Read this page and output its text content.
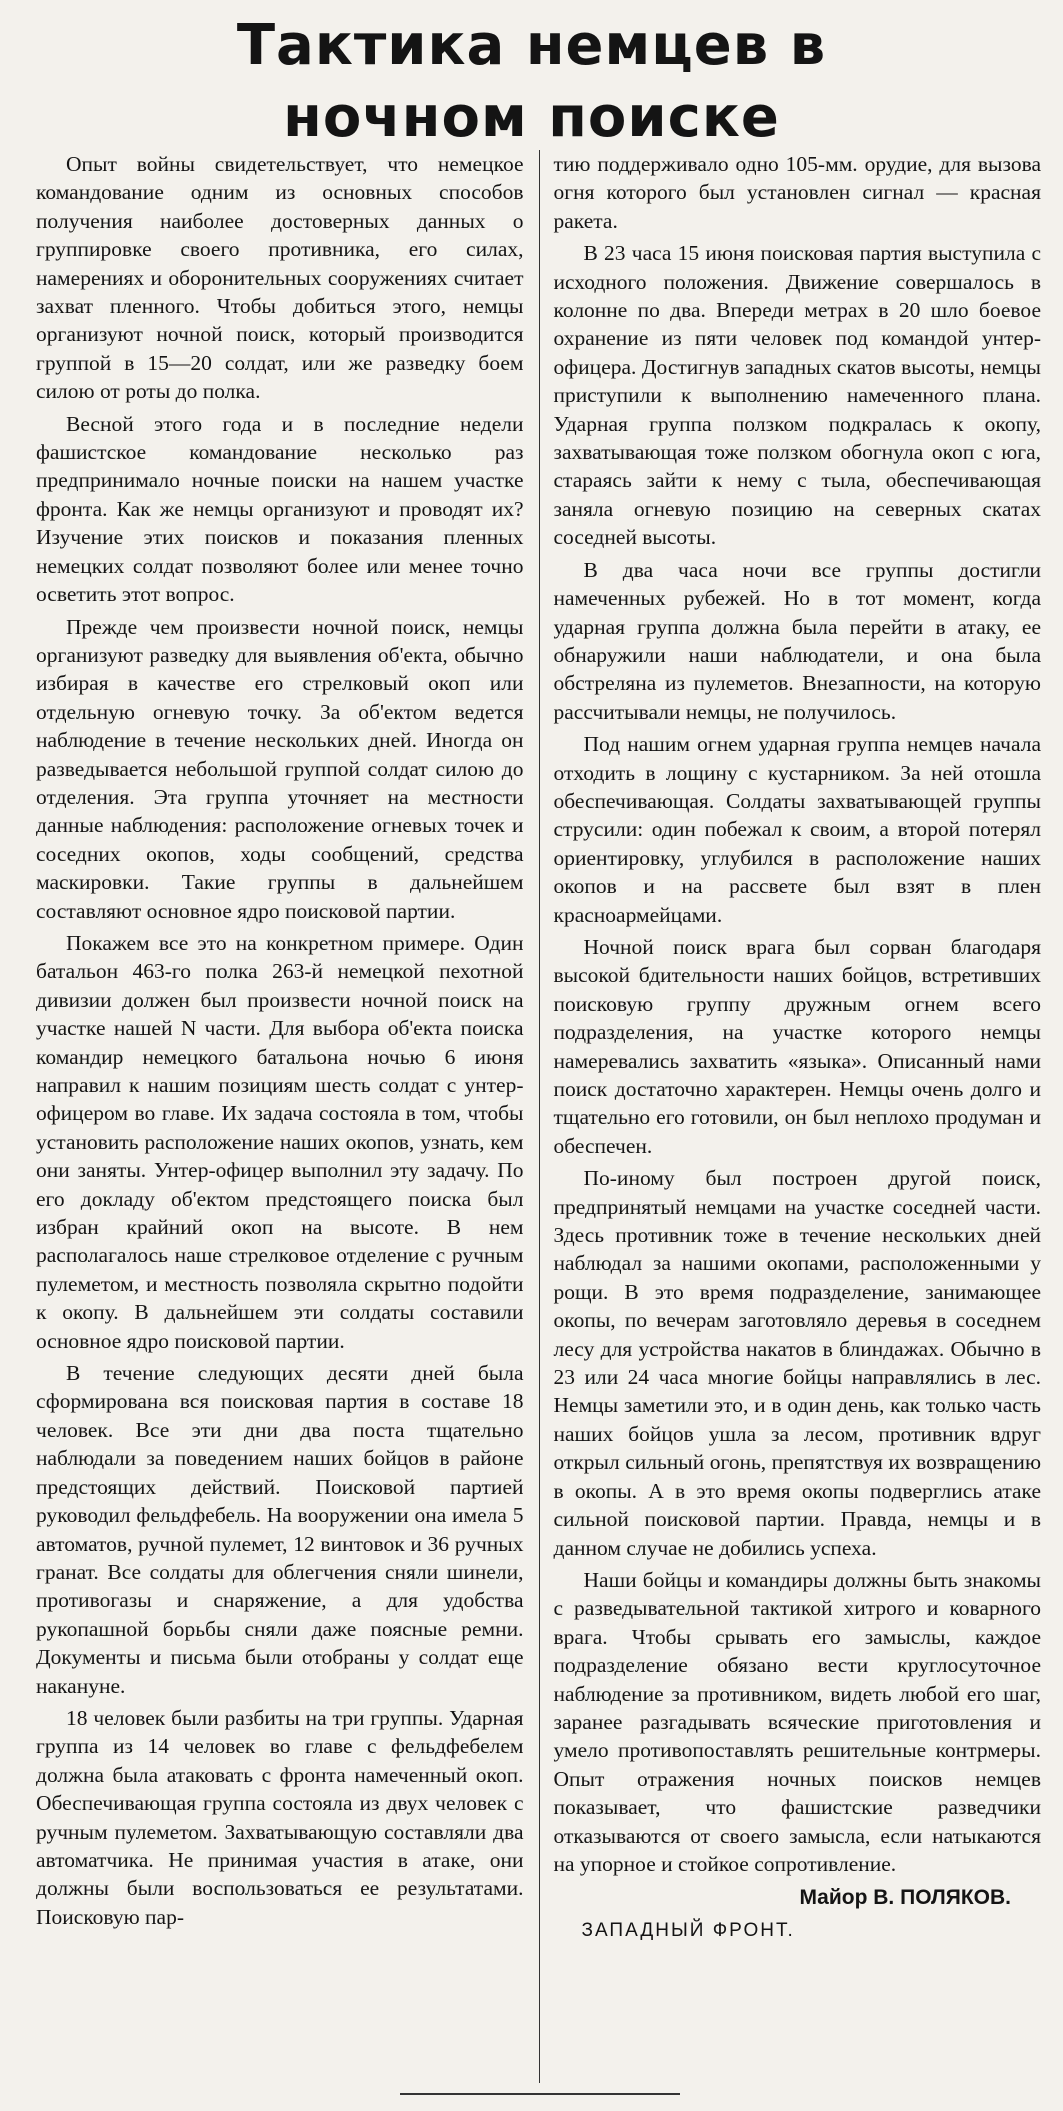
Тактика немцев в
ночном поиске

Опыт войны свидетельствует, что немецкое командование одним из основных способов получения наиболее достоверных данных о группировке своего противника, его силах, намерениях и оборонительных сооружениях считает захват пленного. Чтобы добиться этого, немцы организуют ночной поиск, который производится группой в 15—20 солдат, или же разведку боем силою от роты до полка.

Весной этого года и в последние недели фашистское командование несколько раз предпринимало ночные поиски на нашем участке фронта. Как же немцы организуют и проводят их? Изучение этих поисков и показания пленных немецких солдат позволяют более или менее точно осветить этот вопрос.

Прежде чем произвести ночной поиск, немцы организуют разведку для выявления об'екта, обычно избирая в качестве его стрелковый окоп или отдельную огневую точку. За об'ектом ведется наблюдение в течение нескольких дней. Иногда он разведывается небольшой группой солдат силою до отделения. Эта группа уточняет на местности данные наблюдения: расположение огневых точек и соседних окопов, ходы сообщений, средства маскировки. Такие группы в дальнейшем составляют основное ядро поисковой партии.

Покажем все это на конкретном примере. Один батальон 463-го полка 263-й немецкой пехотной дивизии должен был произвести ночной поиск на участке нашей N части. Для выбора об'екта поиска командир немецкого батальона ночью 6 июня направил к нашим позициям шесть солдат с унтер-офицером во главе. Их задача состояла в том, чтобы установить расположение наших окопов, узнать, кем они заняты. Унтер-офицер выполнил эту задачу. По его докладу об'ектом предстоящего поиска был избран крайний окоп на высоте. В нем располагалось наше стрелковое отделение с ручным пулеметом, и местность позволяла скрытно подойти к окопу. В дальнейшем эти солдаты составили основное ядро поисковой партии.

В течение следующих десяти дней была сформирована вся поисковая партия в составе 18 человек. Все эти дни два поста тщательно наблюдали за поведением наших бойцов в районе предстоящих действий. Поисковой партией руководил фельдфебель. На вооружении она имела 5 автоматов, ручной пулемет, 12 винтовок и 36 ручных гранат. Все солдаты для облегчения сняли шинели, противогазы и снаряжение, а для удобства рукопашной борьбы сняли даже поясные ремни. Документы и письма были отобраны у солдат еще накануне.

18 человек были разбиты на три группы. Ударная группа из 14 человек во главе с фельдфебелем должна была атаковать с фронта намеченный окоп. Обеспечивающая группа состояла из двух человек с ручным пулеметом. Захватывающую составляли два автоматчика. Не принимая участия в атаке, они должны были воспользоваться ее результатами. Поисковую пар-

тию поддерживало одно 105-мм. орудие, для вызова огня которого был установлен сигнал — красная ракета.

В 23 часа 15 июня поисковая партия выступила с исходного положения. Движение совершалось в колонне по два. Впереди метрах в 20 шло боевое охранение из пяти человек под командой унтер-офицера. Достигнув западных скатов высоты, немцы приступили к выполнению намеченного плана. Ударная группа ползком подкралась к окопу, захватывающая тоже ползком обогнула окоп с юга, стараясь зайти к нему с тыла, обеспечивающая заняла огневую позицию на северных скатах соседней высоты.

В два часа ночи все группы достигли намеченных рубежей. Но в тот момент, когда ударная группа должна была перейти в атаку, ее обнаружили наши наблюдатели, и она была обстреляна из пулеметов. Внезапности, на которую рассчитывали немцы, не получилось.

Под нашим огнем ударная группа немцев начала отходить в лощину с кустарником. За ней отошла обеспечивающая. Солдаты захватывающей группы струсили: один побежал к своим, а второй потерял ориентировку, углубился в расположение наших окопов и на рассвете был взят в плен красноармейцами.

Ночной поиск врага был сорван благодаря высокой бдительности наших бойцов, встретивших поисковую группу дружным огнем всего подразделения, на участке которого немцы намеревались захватить «языка». Описанный нами поиск достаточно характерен. Немцы очень долго и тщательно его готовили, он был неплохо продуман и обеспечен.

По-иному был построен другой поиск, предпринятый немцами на участке соседней части. Здесь противник тоже в течение нескольких дней наблюдал за нашими окопами, расположенными у рощи. В это время подразделение, занимающее окопы, по вечерам заготовляло деревья в соседнем лесу для устройства накатов в блиндажах. Обычно в 23 или 24 часа многие бойцы направлялись в лес. Немцы заметили это, и в один день, как только часть наших бойцов ушла за лесом, противник вдруг открыл сильный огонь, препятствуя их возвращению в окопы. А в это время окопы подверглись атаке сильной поисковой партии. Правда, немцы и в данном случае не добились успеха.

Наши бойцы и командиры должны быть знакомы с разведывательной тактикой хитрого и коварного врага. Чтобы срывать его замыслы, каждое подразделение обязано вести круглосуточное наблюдение за противником, видеть любой его шаг, заранее разгадывать всяческие приготовления и умело противопоставлять решительные контрмеры. Опыт отражения ночных поисков немцев показывает, что фашистские разведчики отказываются от своего замысла, если натыкаются на упорное и стойкое сопротивление.

Майор В. ПОЛЯКОВ.
ЗАПАДНЫЙ ФРОНТ.
